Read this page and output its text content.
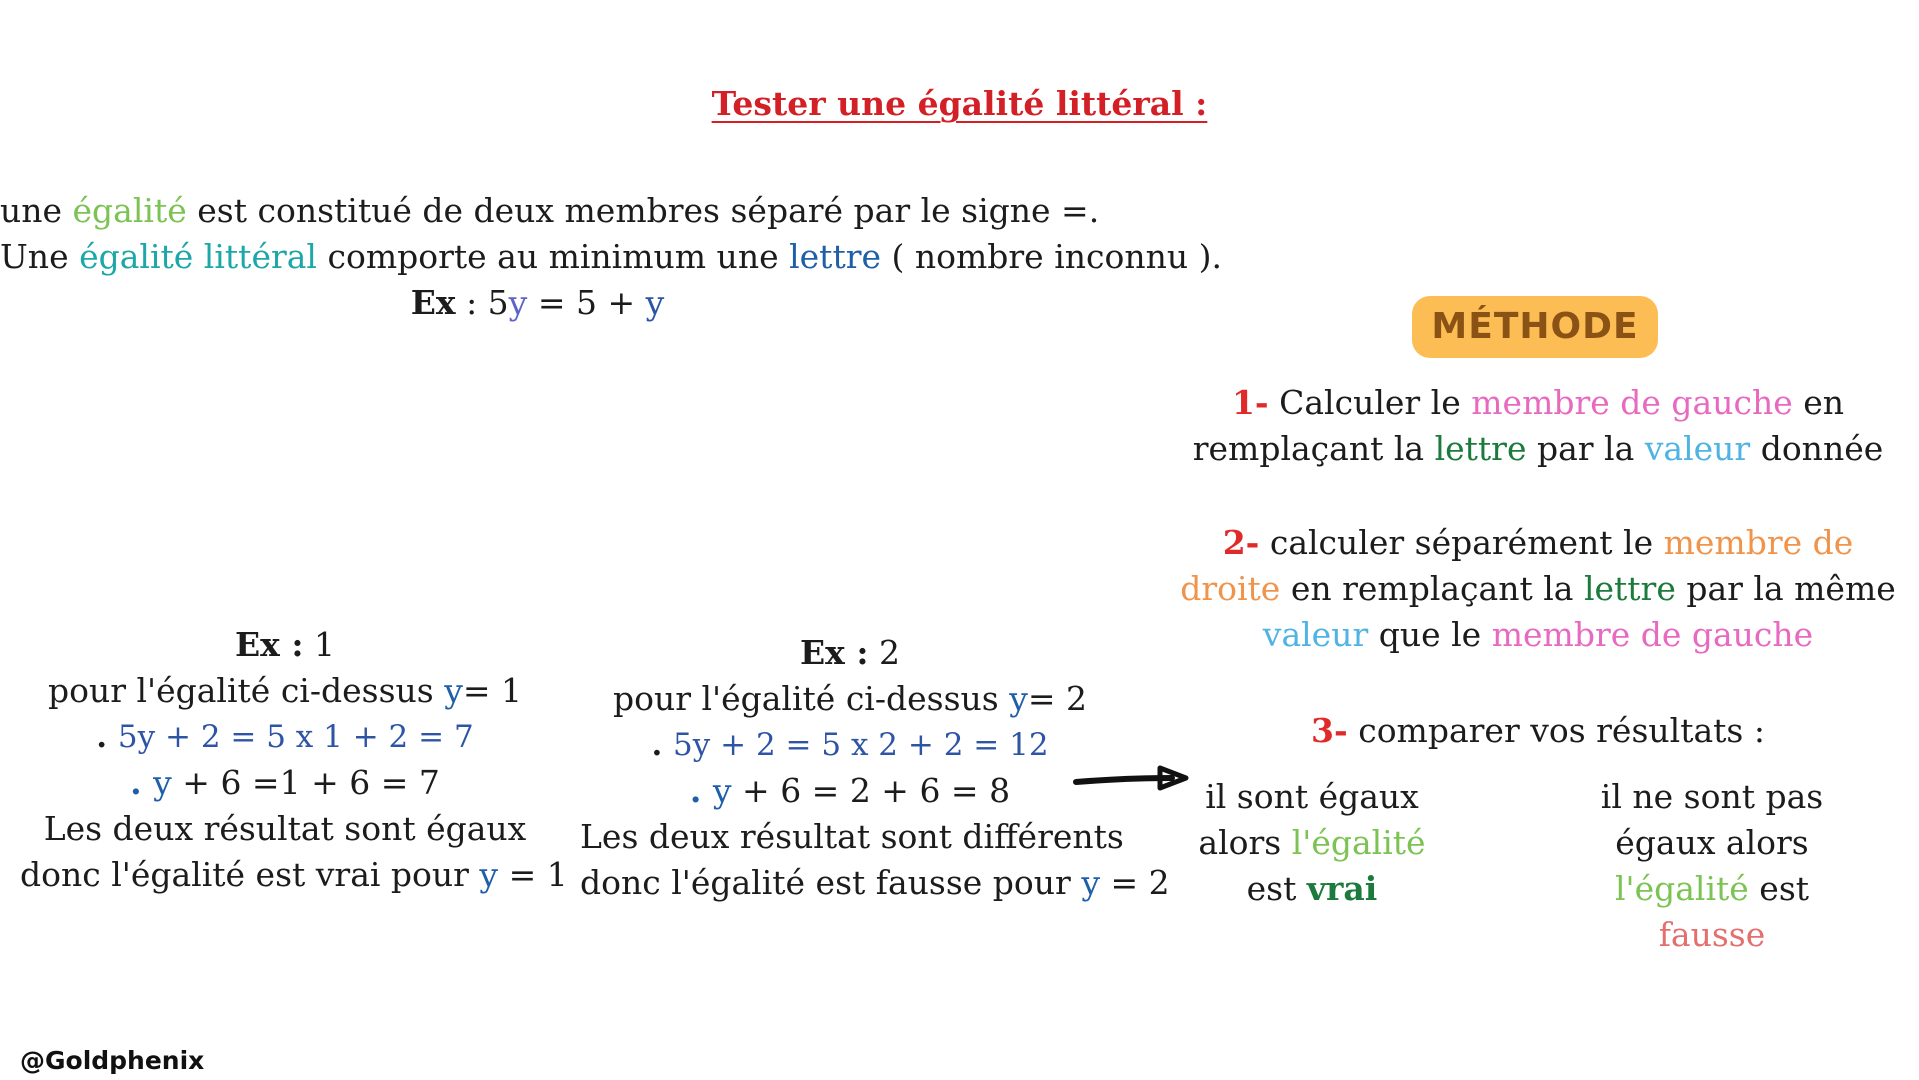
Tester une égalité littéral :
une égalité est constitué de deux membres séparé par le signe =.
Une égalité littéral comporte au minimum une lettre ( nombre inconnu ).
Ex : 5y = 5 + y
MÉTHODE
1- Calculer le membre de gauche en remplaçant la lettre par la valeur donnée
2- calculer séparément le membre de droite en remplaçant la lettre par la même valeur que le membre de gauche
3- comparer vos résultats :
il sont égaux alors l'égalité est vrai
il ne sont pas égaux alors l'égalité est fausse
Ex : 1
pour l'égalité ci-dessus y= 1
. 5y + 2 = 5 x 1 + 2 = 7
. y + 6 =1 + 6 = 7
Les deux résultat sont égaux
donc l'égalité est vrai pour y = 1
Ex : 2
pour l'égalité ci-dessus y= 2
. 5y + 2 = 5 x 2 + 2 = 12
. y + 6 = 2 + 6 = 8
Les deux résultat sont différents
donc l'égalité est fausse pour y = 2
@Goldphenix
